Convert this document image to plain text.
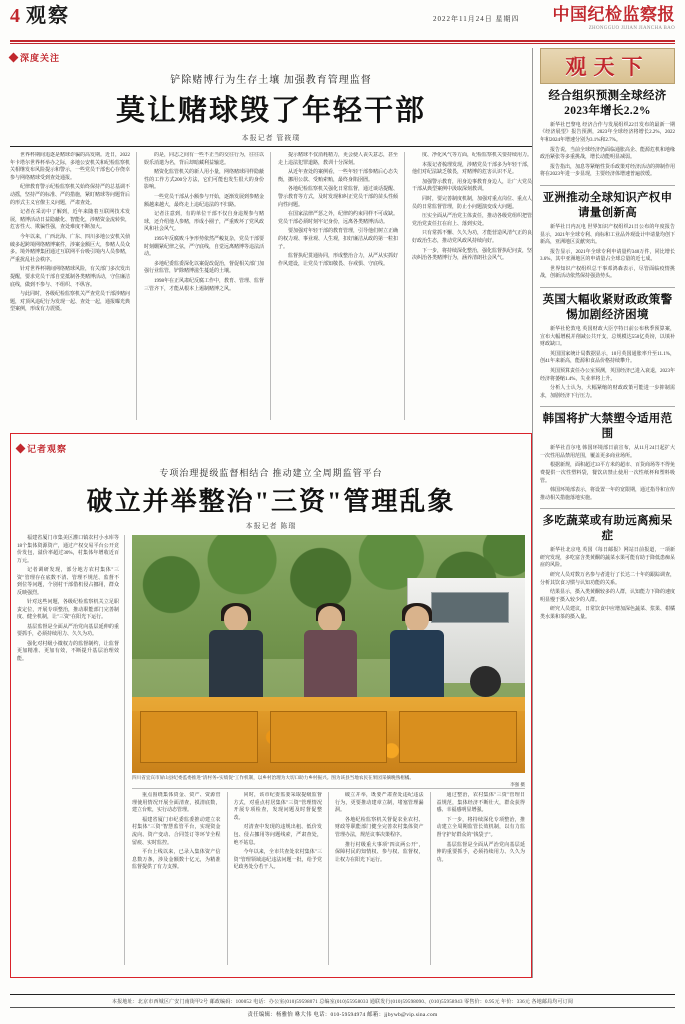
4 观察	2022年11月24日 星期四 中国纪检监察报
ZHONGGUO JIJIAN JIANCHA BAO
深度关注
铲除赌博行为生存土壤 加强教育管理监督
莫让赌球毁了年轻干部
本报记者 管筱璞

世界杯期间追逐是赌球诈骗的高发期。近日，2022年卡塔尔世界杯举办之际，多地公安机关和纪检监察机关相继发布风险提示和警示，一些党员干部也心存侥幸参与网络赌球受到查处通报。

纪律教育警示纪检监察机关始终保持严的总基调不动摇，坚持严的标准、严的措施，紧盯赌球等问题背后的形式主义官僚主义问题，严肃查处。

记者在采访中了解到，近年来随着互联网技术发展，赌博活动日益隐蔽化、智能化，涉赌资金流转快，危害性大、欺骗性强，查处难度不断加大。

今年以来，广西北海、广东、四川多地公安机关侦破多起跨境网络赌博案件，涉案金额巨大，参赌人员众多。境外赌博集团通过互联网平台吸引境内人员参赌，严重扰乱社会秩序。

针对世界杯期间网络赌球风险，有关部门多次发出提醒，要求党员干部自觉抵制各类赌博活动，守住廉洁底线，做到不参与、不组织、不纵容。

与此同时，各级纪检监察机关严查党员干部涉赌问题，对顶风违纪行为发现一起、查处一起，通报曝光典型案例，形成有力震慑。

的是，同志之间有一些不正当的交往行为，往往以娱乐消遣为名，背后却暗藏利益输送。

赌资化监管机关的新人用小量，网络赌球同样隐蔽性的工作方式200分方法，它们可能也发生很大的身份影响。

一些党员干部从小额参与开始，逐渐发展到参赌金额越来越大，最终走上违纪违法的不归路。

记者注意到，有的单位干部不仅自身违规参与赌球，还介绍他人参赌，形成小圈子，严重败坏了党风政风和社会风气。

1995年反腐败斗争形势依然严峻复杂，党员干部要时刻绷紧纪律之弦，严守底线，自觉远离赌博等违法活动。

多地纪委监委深化以案促改促治，督促相关部门加强行业监管，铲除赌博滋生蔓延的土壤。

1998年在正风肃纪反腐工作中，教育、管理、监督三管齐下，才能从根本上遏制赌博之风。

提示赌球不仅消耗精力，更会使人丧失意志，甚至走上违法犯罪道路，教训十分深刻。

从近年查处的案例看，一些年轻干部参赌后心态失衡，挪用公款、受贿索贿，最终身陷囹圄。

各地纪检监察机关强化日常监督，通过谈话提醒、警示教育等方式，及时发现和纠正党员干部的苗头性倾向性问题。

在国家法律严惩之外，纪律的约束同样不可或缺。党员干部必须时刻牢记身份，远离各类赌博活动。

要加强对年轻干部的教育管理，引导他们树立正确的权力观、事业观、人生观，扣好廉洁从政的第一粒扣子。

监督执纪贯通协同，形成整治合力，从严从实抓好作风建设，让党员干部知敬畏、存戒惧、守底线。

度、净化风气等方面，纪检监察机关要持续用力。

本报记者梳理发现，涉赌党员干部多为年轻干部，他们对纪法缺乏敬畏，对赌博的危害认识不足。

加强警示教育，用身边事教育身边人，让广大党员干部从典型案例中汲取深刻教训。

同时，要完善制度机制，加强对重点岗位、重点人员的日常监督管理，防止小问题演变成大问题。

压实全面从严治党主体责任，推动各级党组织把管党治党责任扛在肩上、落到实处。

只有常抓不懈、久久为功，才能营造风清气正的良好政治生态，推动党风政风持续向好。

下一步，将持续深化整治，强化监督执纪问责，坚决纠治各类赌博行为，涵养清朗社会风气。

记者观察
专项治理提级监督相结合 推动建立全周期监管平台
破立并举整治"三资"管理乱象
本报记者 陈瑞

福建省厦门市集美区灌口镇农村小水库等18个集体资源资产，通过产权交易平台公开竞价发包，溢价率超过30%，村集体年增收近百万元。

记者调研发现，部分地方农村集体"三资"管理存在底数不清、管理不规范、监督不到位等问题，个别村干部借机侵占挪用，群众反映强烈。

针对这些问题，各级纪检监察机关立足职责定位，开展专项整治，推动职能部门完善制度、健全机制，让"三资"在阳光下运行。

基层监督是全面从严治党向基层延伸的重要抓手，必须持续用力、久久为功。

强化对村级小微权力的监督制约，让监督更加精准、更加有效，不断提升基层治理效能。

四川省宜宾市屏山县纪委监委推进"清村务+实绩促"工作机制，以乡村治理为大切口助力乡村振兴。图为该县当地农民在果园采摘晚熟柑橘。
李强 摄

重点围绕集体资金、资产、资源管理使用情况开展全面清查，摸清底数，建立台账，实行动态管理。

福建省厦门市纪委监委推动建立农村集体"三资"智慧监管平台，实现资金流向、资产变动、合同签订等环节全程留痕、实时监控。

平台上线以来，已录入集体资产信息数万条，涉及金额数十亿元，为精准监督提供了有力支撑。

同时，该市纪委监委采取提级监督方式，对重点村居集体"三资"管理情况开展专项检查，发现问题及时督促整改。

对清查中发现的违规出租、低价发包、侵占挪用等问题线索，严肃查处，绝不姑息。

今年以来，全市共查处农村集体"三资"管理领域违纪违法问题一批，给予党纪政务处分若干人。

破立并举，既要严肃查处违纪违法行为，更要推动建章立制，堵塞管理漏洞。

各地纪检监察机关督促农业农村、财政等职能部门健全完善农村集体资产管理办法，规范议事决策程序。

推行村级重大事项"四议两公开"，保障村民的知情权、参与权、监督权，让权力在阳光下运行。

通过整治，农村集体"三资"管理日益规范，集体经济不断壮大，群众获得感、幸福感明显增强。

下一步，将持续深化专项整治，推动建立全周期监管长效机制，以有力监督守护好群众的"钱袋子"。

基层监督是全面从严治党向基层延伸的重要抓手，必须持续用力、久久为功。

观天下
经合组织预测全球经济2023年增长2.2%

新华社巴黎电 经济合作与发展组织22日发布的最新一期《经济展望》报告预测，2023年全球经济将增长2.2%，2022年和2024年增速分别为3.1%和2.7%。

报告说，当前全球经济仍面临通胀高企、能源危机和地缘政治紧张等多重挑战，增长动能明显减弱。

报告指出，加息等紧缩性货币政策对经济活动的抑制作用将在2023年进一步显现，主要经济体增速普遍放缓。

亚洲推动全球知识产权申请量创新高

新华社日内瓦电 世界知识产权组织21日公布的年度报告显示，2021年全球专利、商标和工业品外观设计申请量均创下新高，亚洲地区贡献突出。

报告显示，2021年全球专利申请量约340万件，同比增长3.6%，其中亚洲地区的申请量占全球总量的近七成。

世界知识产权组织总干事邓鸿森表示，尽管面临疫情挑战，创新活动依然保持强劲势头。

英国大幅收紧财政政策警惕加剧经济困境

新华社伦敦电 英国财政大臣亨特日前公布秋季预算案，宣布大幅增税并削减公共开支，总规模达550亿英镑，以填补财政缺口。

英国国家统计局数据显示，10月英国通胀率升至11.1%，创41年来新高，能源和食品价格持续攀升。

英国预算责任办公室预测，英国经济已进入衰退，2023年经济将萎缩1.4%，失业率将上升。

分析人士认为，大幅紧缩的财政政策可能进一步抑制需求，加剧经济下行压力。

韩国将扩大禁塑令适用范围

新华社首尔电 韩国环境部日前宣布，从11月24日起扩大一次性用品禁用范围，覆盖更多商业场所。

根据新规，面积超过33平方米的超市、百货商场等不得免费提供一次性塑料袋，餐饮店禁止使用一次性纸杯和塑料吸管。

韩国环境部表示，将设置一年的宽限期，通过指导和宣传推动相关措施落地实施。

多吃蔬菜或有助远离痴呆症

新华社北京电 英国《每日邮报》网站日前报道，一项新研究发现，多吃富含类黄酮的蔬菜水果可能有助于降低患痴呆症的风险。

研究人员对数万名参与者进行了长达二十年的跟踪调查，分析其饮食习惯与认知功能的关系。

结果显示，摄入类黄酮较多的人群，认知能力下降的速度明显慢于摄入较少的人群。

研究人员建议，日常饮食中应增加深色蔬菜、浆果、柑橘类水果和茶的摄入量。

本报地址：北京市西城区广安门南街甲2号 邮政编码：100052 电话：办公室(010)59598071 总编室(010)55958033 通联发行(010)59598090、(010)55958943 零售价：0.95元 年价：336元 各地邮局均可订阅
责任编辑：杨雅怡 咻大伟 电话：010-59594974 邮箱：jjbywb@vip.sina.com
